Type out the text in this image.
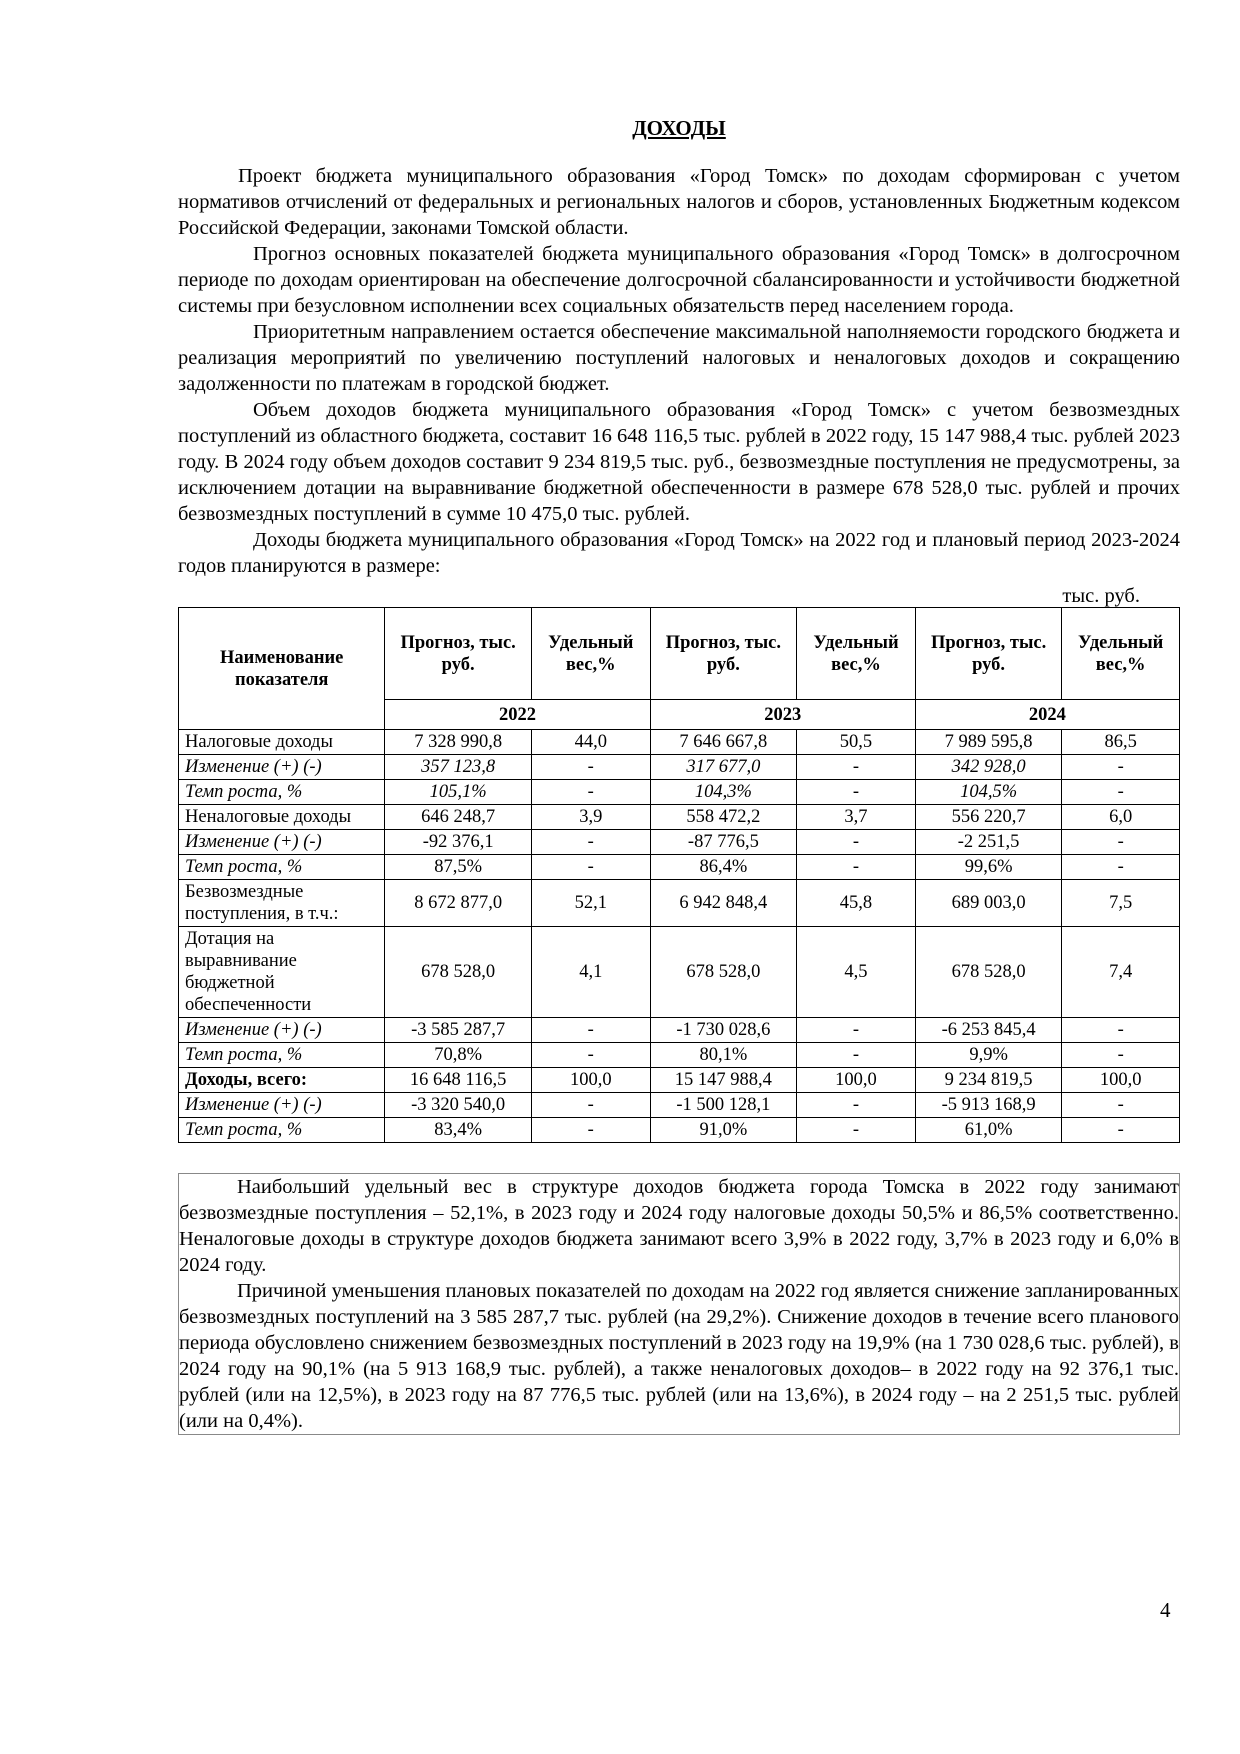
ДОХОДЫ

Проект бюджета муниципального образования «Город Томск» по доходам сформирован с учетом нормативов отчислений от федеральных и региональных налогов и сборов, установленных Бюджетным кодексом Российской Федерации, законами Томской области.

Прогноз основных показателей бюджета муниципального образования «Город Томск» в долгосрочном периоде по доходам ориентирован на обеспечение долгосрочной сбалансированности и устойчивости бюджетной системы при безусловном исполнении всех социальных обязательств перед населением города.

Приоритетным направлением остается обеспечение максимальной наполняемости городского бюджета и реализация мероприятий по увеличению поступлений налоговых и неналоговых доходов и сокращению задолженности по платежам в городской бюджет.

Объем доходов бюджета муниципального образования «Город Томск» с учетом безвозмездных поступлений из областного бюджета, составит 16 648 116,5 тыс. рублей в 2022 году, 15 147 988,4 тыс. рублей 2023 году. В 2024 году объем доходов составит 9 234 819,5 тыс. руб., безвозмездные поступления не предусмотрены, за исключением дотации на выравнивание бюджетной обеспеченности в размере 678 528,0 тыс. рублей и прочих безвозмездных поступлений в сумме 10 475,0 тыс. рублей.

Доходы бюджета муниципального образования «Город Томск» на 2022 год и плановый период 2023-2024 годов планируются в размере:

тыс. руб.
Наименование показателя	Прогноз, тыс. руб.	Удельный вес,%	Прогноз, тыс. руб.	Удельный вес,%	Прогноз, тыс. руб.	Удельный вес,%
	2022		2023		2024	
Налоговые доходы	7 328 990,8	44,0	7 646 667,8	50,5	7 989 595,8	86,5
Изменение (+) (-)	357 123,8	-	317 677,0	-	342 928,0	-
Темп роста, %	105,1%	-	104,3%	-	104,5%	-
Неналоговые доходы	646 248,7	3,9	558 472,2	3,7	556 220,7	6,0
Изменение (+) (-)	-92 376,1	-	-87 776,5	-	-2 251,5	-
Темп роста, %	87,5%	-	86,4%	-	99,6%	-
Безвозмездные поступления, в т.ч.:	8 672 877,0	52,1	6 942 848,4	45,8	689 003,0	7,5
Дотация на выравнивание бюджетной обеспеченности	678 528,0	4,1	678 528,0	4,5	678 528,0	7,4
Изменение (+) (-)	-3 585 287,7	-	-1 730 028,6	-	-6 253 845,4	-
Темп роста, %	70,8%	-	80,1%	-	9,9%	-
Доходы, всего:	16 648 116,5	100,0	15 147 988,4	100,0	9 234 819,5	100,0
Изменение (+) (-)	-3 320 540,0	-	-1 500 128,1	-	-5 913 168,9	-
Темп роста, %	83,4%	-	91,0%	-	61,0%	-

Наибольший удельный вес в структуре доходов бюджета города Томска в 2022 году занимают безвозмездные поступления – 52,1%, в 2023 году и 2024 году налоговые доходы 50,5% и 86,5% соответственно. Неналоговые доходы в структуре доходов бюджета занимают всего 3,9% в 2022 году, 3,7% в 2023 году и 6,0% в 2024 году.

Причиной уменьшения плановых показателей по доходам на 2022 год является снижение запланированных безвозмездных поступлений на 3 585 287,7 тыс. рублей (на 29,2%). Снижение доходов в течение всего планового периода обусловлено снижением безвозмездных поступлений в 2023 году на 19,9% (на 1 730 028,6 тыс. рублей), в 2024 году на 90,1% (на 5 913 168,9 тыс. рублей), а также неналоговых доходов– в 2022 году на 92 376,1 тыс. рублей (или на 12,5%), в 2023 году на 87 776,5 тыс. рублей (или на 13,6%), в 2024 году – на 2 251,5 тыс. рублей (или на 0,4%).

4
